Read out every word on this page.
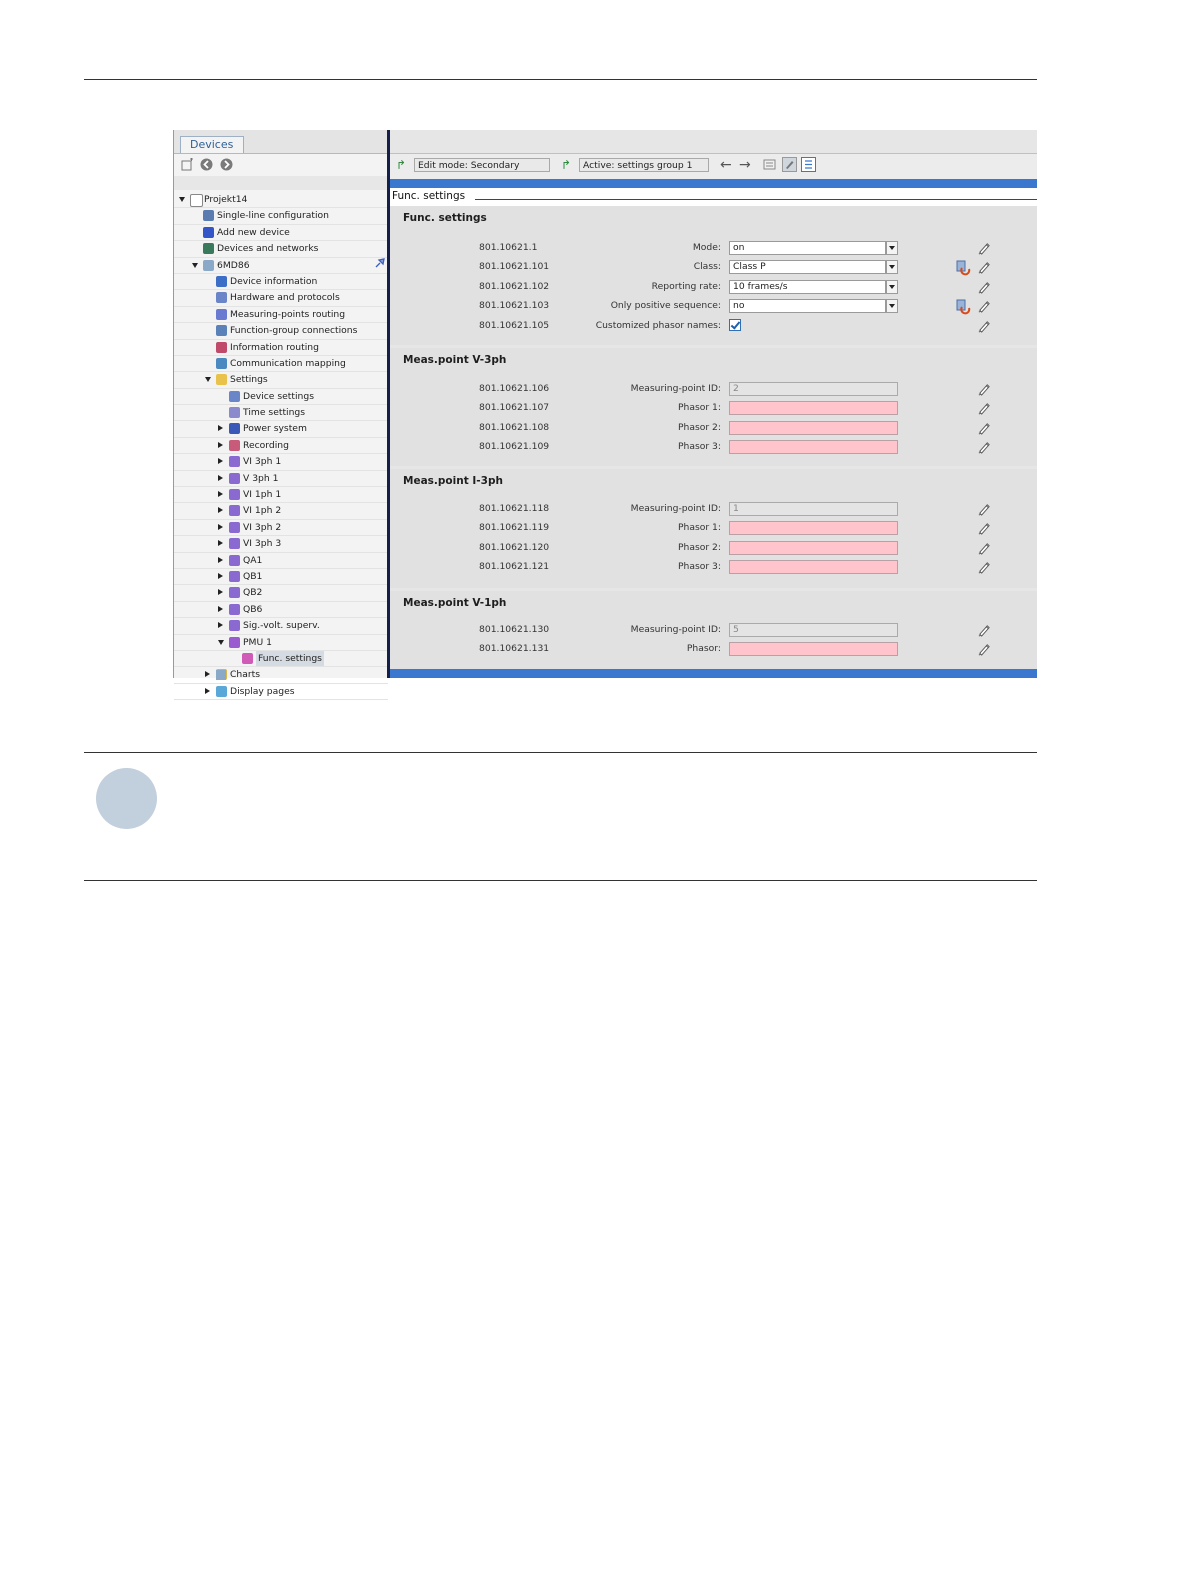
Devices
Projekt14
Single-line configuration
Add new device
Devices and networks
6MD86
Device information
Hardware and protocols
Measuring-points routing
Function-group connections
Information routing
Communication mapping
Settings
Device settings
Time settings
Power system
Recording
VI 3ph 1
V 3ph 1
VI 1ph 1
VI 1ph 2
VI 3ph 2
VI 3ph 3
QA1
QB1
QB2
QB6
Sig.-volt. superv.
PMU 1
Func. settings
Charts
Display pages
↱	Edit mode: Secondary	↱	Active: settings group 1	← →
Func. settings
Func. settings
801.10621.1	Mode:	on
801.10621.101	Class:	Class P
801.10621.102	Reporting rate:	10 frames/s
801.10621.103	Only positive sequence:	no
801.10621.105	Customized phasor names:
Meas.point V-3ph
801.10621.106	Measuring-point ID:	2
801.10621.107	Phasor 1:
801.10621.108	Phasor 2:
801.10621.109	Phasor 3:
Meas.point I-3ph
801.10621.118	Measuring-point ID:	1
801.10621.119	Phasor 1:
801.10621.120	Phasor 2:
801.10621.121	Phasor 3:
Meas.point V-1ph
801.10621.130	Measuring-point ID:	5
801.10621.131	Phasor:
